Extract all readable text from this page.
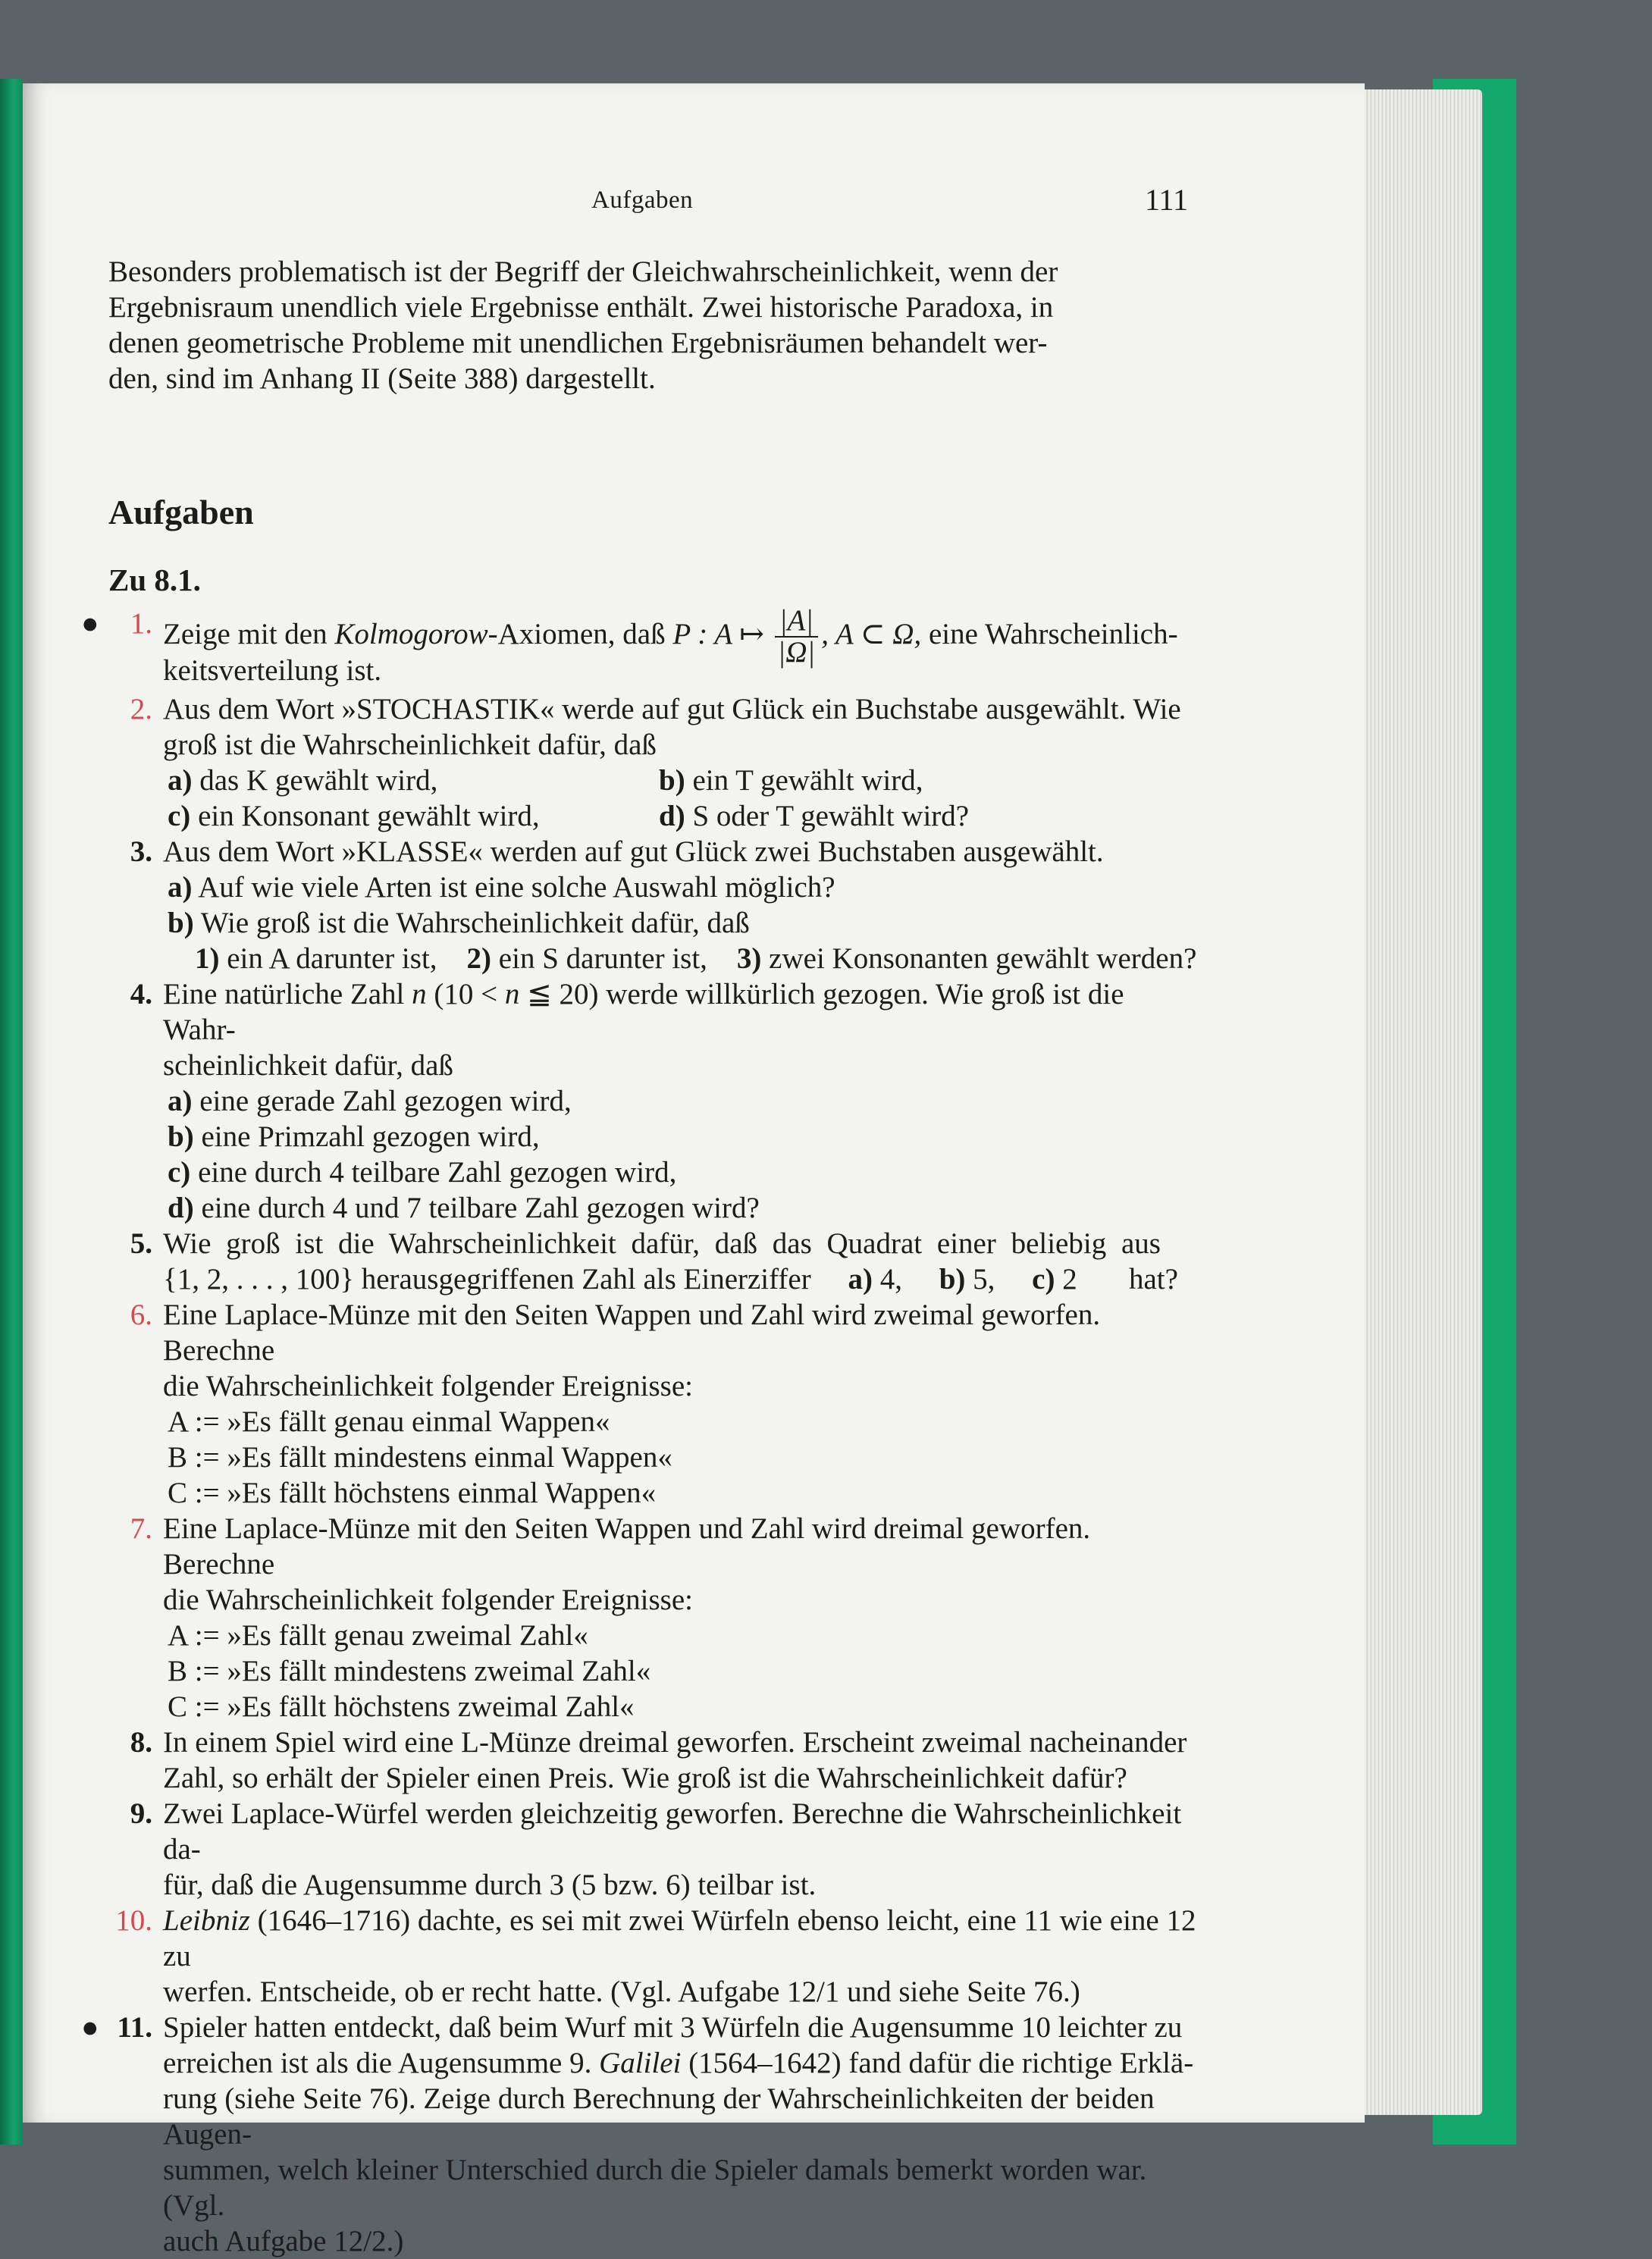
Aufgaben	111

Besonders problematisch ist der Begriff der Gleichwahrscheinlichkeit, wenn der
Ergebnisraum unendlich viele Ergebnisse enthält. Zwei historische Paradoxa, in
denen geometrische Probleme mit unendlichen Ergebnisräumen behandelt wer-
den, sind im Anhang II (Seite 388) dargestellt.

Aufgaben
Zu 8.1.
●	1. Zeige mit den Kolmogorow-Axiomen, daß P : A ↦ $\frac{|A|}{|\Omega|}$ , A ⊂ Ω, eine Wahrscheinlich-
keitsverteilung ist.
2. Aus dem Wort »STOCHASTIK« werde auf gut Glück ein Buchstabe ausgewählt. Wie
groß ist die Wahrscheinlichkeit dafür, daß
a) das K gewählt wird,	b) ein T gewählt wird,
c) ein Konsonant gewählt wird,	d) S oder T gewählt wird?
3. Aus dem Wort »KLASSE« werden auf gut Glück zwei Buchstaben ausgewählt.
a) Auf wie viele Arten ist eine solche Auswahl möglich?
b) Wie groß ist die Wahrscheinlichkeit dafür, daß
1) ein A darunter ist, 2) ein S darunter ist, 3) zwei Konsonanten gewählt werden?
4. Eine natürliche Zahl n (10 < n ≦ 20) werde willkürlich gezogen. Wie groß ist die Wahr-
scheinlichkeit dafür, daß
a) eine gerade Zahl gezogen wird,
b) eine Primzahl gezogen wird,
c) eine durch 4 teilbare Zahl gezogen wird,
d) eine durch 4 und 7 teilbare Zahl gezogen wird?
5. Wie groß ist die Wahrscheinlichkeit dafür, daß das Quadrat einer beliebig aus
{1, 2, . . . , 100} herausgegriffenen Zahl als Einerziffer a) 4, b) 5, c) 2 hat?
6. Eine Laplace-Münze mit den Seiten Wappen und Zahl wird zweimal geworfen. Berechne
die Wahrscheinlichkeit folgender Ereignisse:
A := »Es fällt genau einmal Wappen«
B := »Es fällt mindestens einmal Wappen«
C := »Es fällt höchstens einmal Wappen«
7. Eine Laplace-Münze mit den Seiten Wappen und Zahl wird dreimal geworfen. Berechne
die Wahrscheinlichkeit folgender Ereignisse:
A := »Es fällt genau zweimal Zahl«
B := »Es fällt mindestens zweimal Zahl«
C := »Es fällt höchstens zweimal Zahl«
8. In einem Spiel wird eine L-Münze dreimal geworfen. Erscheint zweimal nacheinander
Zahl, so erhält der Spieler einen Preis. Wie groß ist die Wahrscheinlichkeit dafür?
9. Zwei Laplace-Würfel werden gleichzeitig geworfen. Berechne die Wahrscheinlichkeit da-
für, daß die Augensumme durch 3 (5 bzw. 6) teilbar ist.
10. Leibniz (1646–1716) dachte, es sei mit zwei Würfeln ebenso leicht, eine 11 wie eine 12 zu
werfen. Entscheide, ob er recht hatte. (Vgl. Aufgabe 12/1 und siehe Seite 76.)
● 11. Spieler hatten entdeckt, daß beim Wurf mit 3 Würfeln die Augensumme 10 leichter zu
erreichen ist als die Augensumme 9. Galilei (1564–1642) fand dafür die richtige Erklä-
rung (siehe Seite 76). Zeige durch Berechnung der Wahrscheinlichkeiten der beiden Augen-
summen, welch kleiner Unterschied durch die Spieler damals bemerkt worden war. (Vgl.
auch Aufgabe 12/2.)
